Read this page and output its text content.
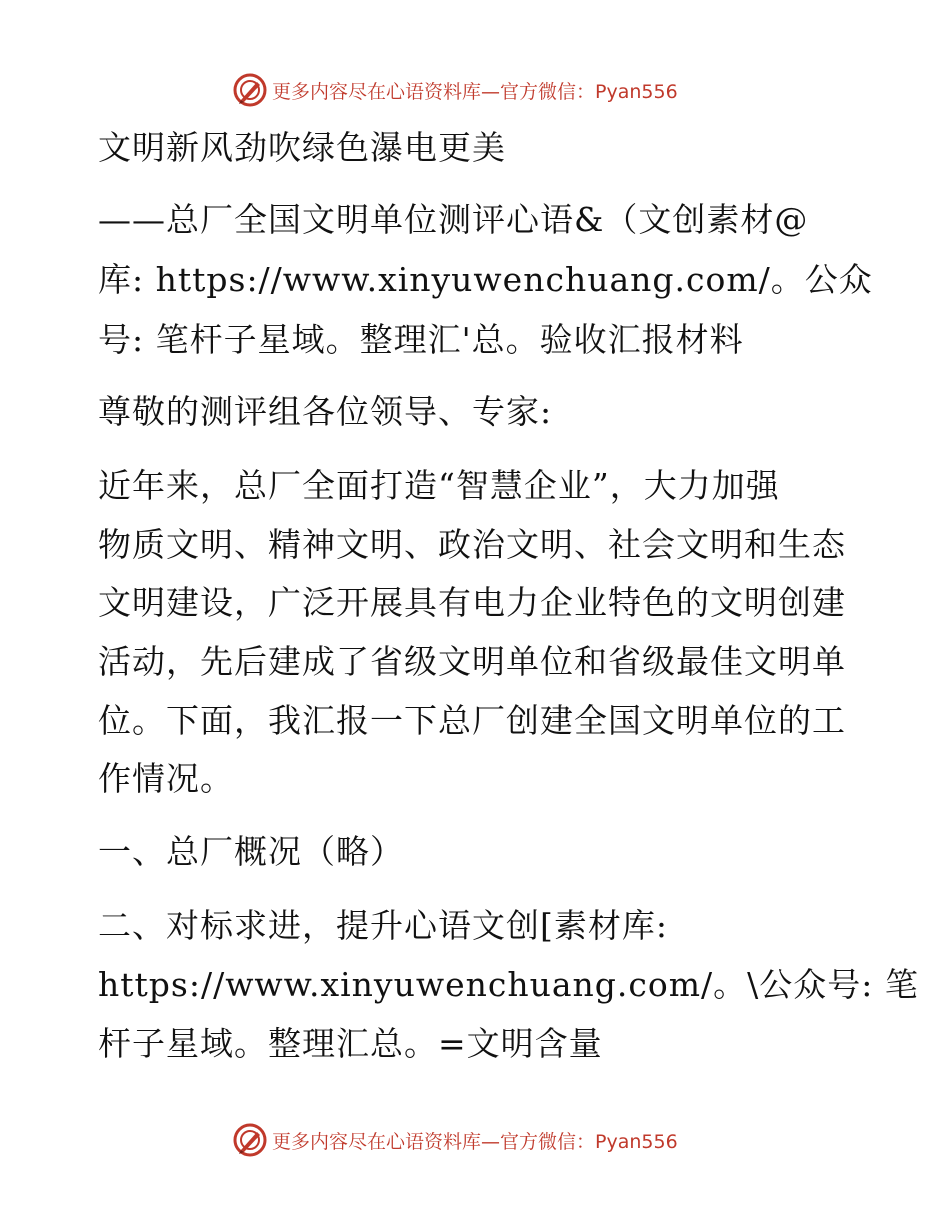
更多内容尽在心语资料库—官方微信：Pyan556
文明新风劲吹绿色瀑电更美
——总厂全国文明单位测评心语&（文创素材@
库: https://www.xinyuwenchuang.com/。公众
号: 笔杆子星域。整理汇'总。验收汇报材料
尊敬的测评组各位领导、专家:
近年来，总厂全面打造“智慧企业”，大力加强
物质文明、精神文明、政治文明、社会文明和生态
文明建设，广泛开展具有电力企业特色的文明创建
活动，先后建成了省级文明单位和省级最佳文明单
位。下面，我汇报一下总厂创建全国文明单位的工
作情况。
一、总厂概况（略）
二、对标求进，提升心语文创[素材库:
https://www.xinyuwenchuang.com/。\公众号: 笔
杆子星域。整理汇总。=文明含量
更多内容尽在心语资料库—官方微信：Pyan556
